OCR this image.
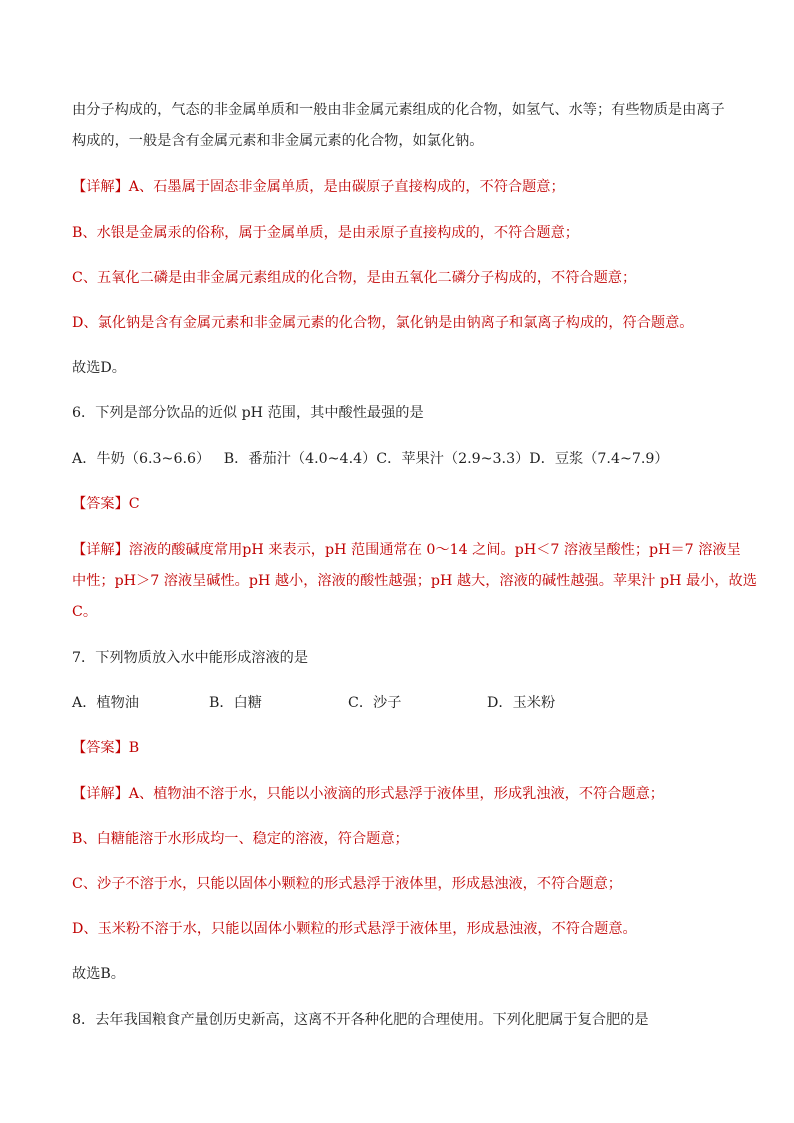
由分子构成的，气态的非金属单质和一般由非金属元素组成的化合物，如氢气、水等；有些物质是由离子
构成的，一般是含有金属元素和非金属元素的化合物，如氯化钠。
【详解】A、石墨属于固态非金属单质，是由碳原子直接构成的，不符合题意；
B、水银是金属汞的俗称，属于金属单质，是由汞原子直接构成的，不符合题意；
C、五氧化二磷是由非金属元素组成的化合物，是由五氧化二磷分子构成的，不符合题意；
D、氯化钠是含有金属元素和非金属元素的化合物，氯化钠是由钠离子和氯离子构成的，符合题意。
故选D。
6．下列是部分饮品的近似 pH 范围，其中酸性最强的是
A．牛奶（6.3~6.6）   B．番茄汁（4.0~4.4）C．苹果汁（2.9~3.3）D．豆浆（7.4~7.9）
【答案】C
【详解】溶液的酸碱度常用pH 来表示，pH 范围通常在 0～14 之间。pH＜7 溶液呈酸性；pH＝7 溶液呈
中性；pH＞7 溶液呈碱性。pH 越小，溶液的酸性越强；pH 越大，溶液的碱性越强。苹果汁 pH 最小，故选
C。
7．下列物质放入水中能形成溶液的是
A．植物油	B．白糖	C．沙子	D．玉米粉
【答案】B
【详解】A、植物油不溶于水，只能以小液滴的形式悬浮于液体里，形成乳浊液，不符合题意；
B、白糖能溶于水形成均一、稳定的溶液，符合题意；
C、沙子不溶于水，只能以固体小颗粒的形式悬浮于液体里，形成悬浊液，不符合题意；
D、玉米粉不溶于水，只能以固体小颗粒的形式悬浮于液体里，形成悬浊液，不符合题意。
故选B。
8．去年我国粮食产量创历史新高，这离不开各种化肥的合理使用。下列化肥属于复合肥的是
